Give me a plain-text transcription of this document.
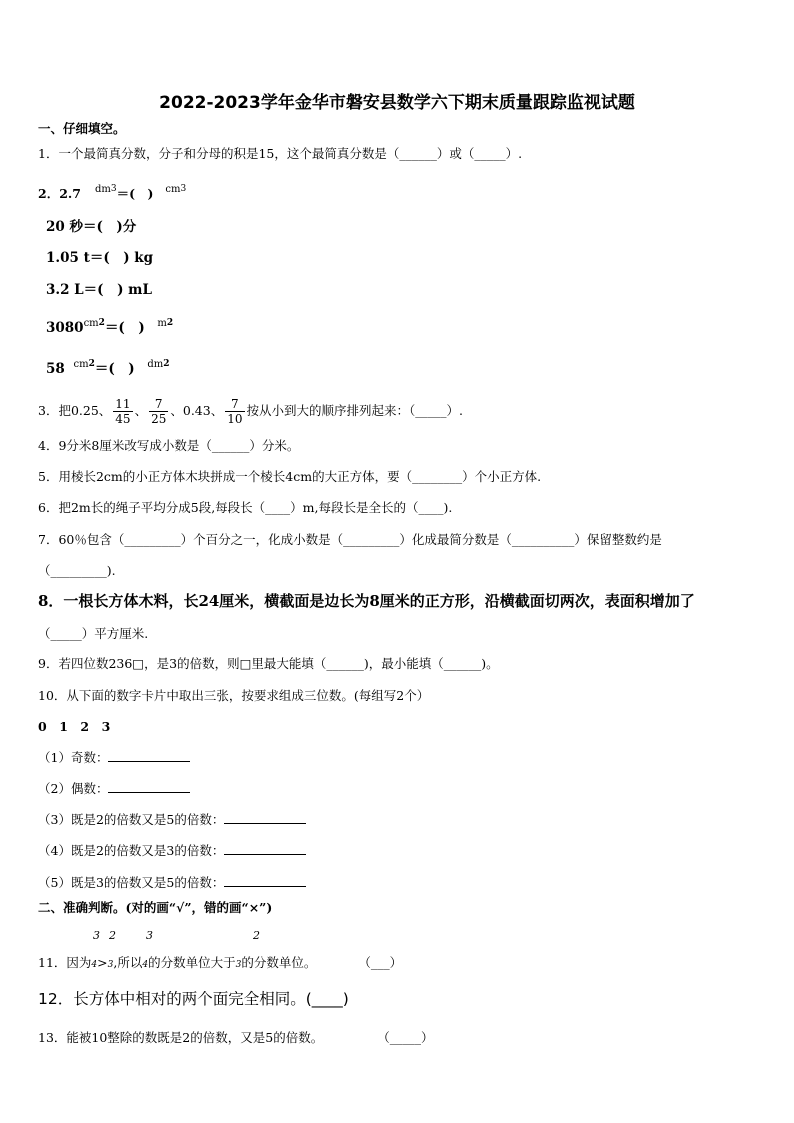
2022-2023学年金华市磐安县数学六下期末质量跟踪监视试题
一、仔细填空。
1．一个最简真分数，分子和分母的积是15，这个最简真分数是（______）或（_____）.
2．2.7 $^{dm3}$＝(　) $^{cm3}$
20 秒＝(　)分
1.05 t＝(　) kg
3.2 L＝(　) mL
$3080^{cm2}=$(　) $^{m2}$
58 $^{cm2}$＝(　) $^{dm2}$
3．把0.25、 $\frac{11}{45}$ 、 $\frac{7}{25}$ 、0.43、 $\frac{7}{10}$ 按从小到大的顺序排列起来：（_____）.
4．9分米8厘米改写成小数是（______）分米。
5．用棱长2cm的小正方体木块拼成一个棱长4cm的大正方体，要（________）个小正方体.
6．把2m长的绳子平均分成5段,每段长（____）m,每段长是全长的（____).
7．60％包含（_________）个百分之一，化成小数是（_________）化成最简分数是（__________）保留整数约是
（_________).
8．一根长方体木料，长24厘米，横截面是边长为8厘米的正方形，沿横截面切两次，表面积增加了
（_____）平方厘米.
9．若四位数236□，是3的倍数，则□里最大能填（______)，最小能填（______)。
10．从下面的数字卡片中取出三张，按要求组成三位数。(每组写2个）
0　1　2　3
（1）奇数：
（2）偶数：
（3）既是2的倍数又是5的倍数：
（4）既是2的倍数又是3的倍数：
（5）既是3的倍数又是5的倍数：
二、准确判断。(对的画“√”，错的画“×”)
3 2	3	2
11．因为4>3,所以4的分数单位大于3的分数单位。	（___）
12．长方体中相对的两个面完全相同。(____)
13．能被10整除的数既是2的倍数，又是5的倍数。	（_____）
